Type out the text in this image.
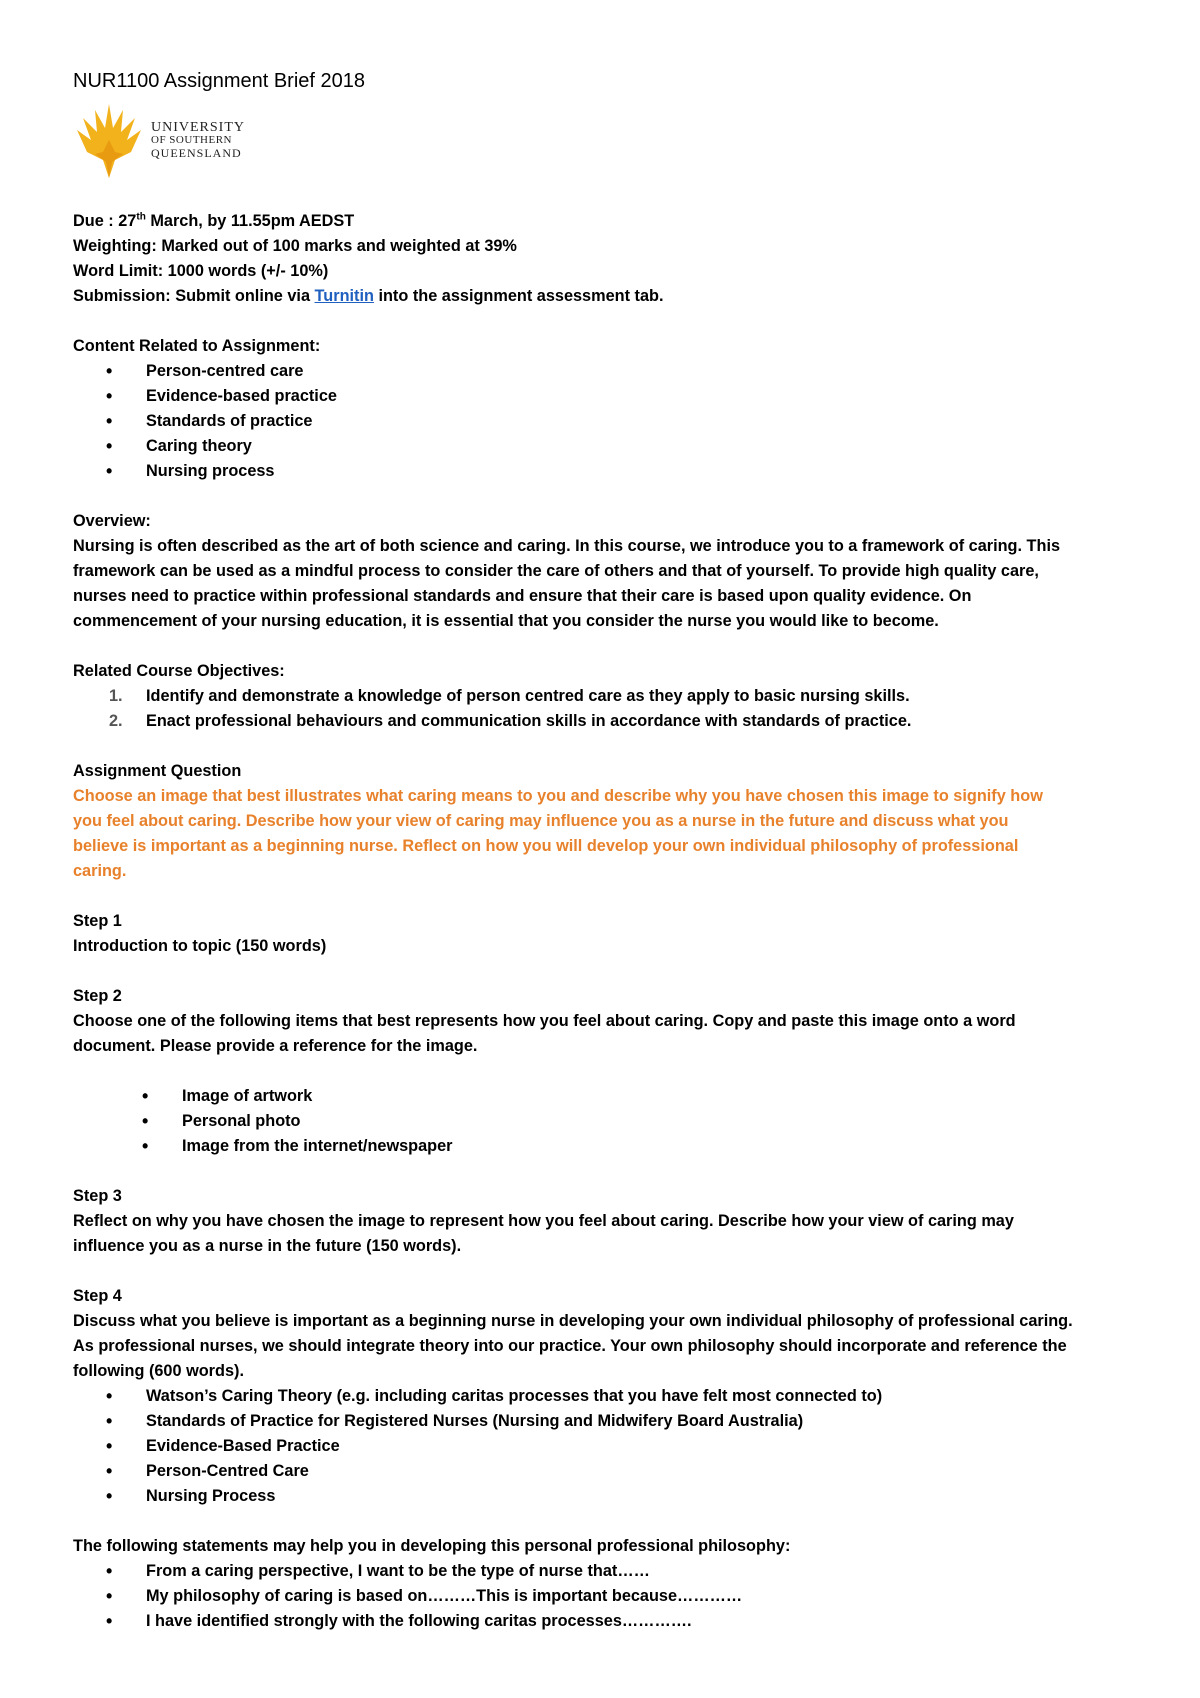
NUR1100 Assignment Brief 2018
UNIVERSITY
OF SOUTHERN
QUEENSLAND

Due : 27th March, by 11.55pm AEDST

Weighting: Marked out of 100 marks and weighted at 39%

Word Limit: 1000 words (+/- 10%)

Submission: Submit online via Turnitin into the assignment assessment tab.

Content Related to Assignment:

• Person-centred care
• Evidence-based practice
• Standards of practice
• Caring theory
• Nursing process

Overview:

Nursing is often described as the art of both science and caring. In this course, we introduce you to a framework of caring. This

framework can be used as a mindful process to consider the care of others and that of yourself. To provide high quality care,

nurses need to practice within professional standards and ensure that their care is based upon quality evidence. On

commencement of your nursing education, it is essential that you consider the nurse you would like to become.

Related Course Objectives:

1. Identify and demonstrate a knowledge of person centred care as they apply to basic nursing skills.
2. Enact professional behaviours and communication skills in accordance with standards of practice.

Assignment Question

Choose an image that best illustrates what caring means to you and describe why you have chosen this image to signify how

you feel about caring. Describe how your view of caring may influence you as a nurse in the future and discuss what you

believe is important as a beginning nurse. Reflect on how you will develop your own individual philosophy of professional

caring.

Step 1

Introduction to topic (150 words)

Step 2

Choose one of the following items that best represents how you feel about caring. Copy and paste this image onto a word

document. Please provide a reference for the image.

• Image of artwork
• Personal photo
• Image from the internet/newspaper

Step 3

Reflect on why you have chosen the image to represent how you feel about caring. Describe how your view of caring may

influence you as a nurse in the future (150 words).

Step 4

Discuss what you believe is important as a beginning nurse in developing your own individual philosophy of professional caring.

As professional nurses, we should integrate theory into our practice. Your own philosophy should incorporate and reference the

following (600 words).

• Watson’s Caring Theory (e.g. including caritas processes that you have felt most connected to)
• Standards of Practice for Registered Nurses (Nursing and Midwifery Board Australia)
• Evidence-Based Practice
• Person-Centred Care
• Nursing Process

The following statements may help you in developing this personal professional philosophy:

• From a caring perspective, I want to be the type of nurse that……
• My philosophy of caring is based on………This is important because…………
• I have identified strongly with the following caritas processes………….
